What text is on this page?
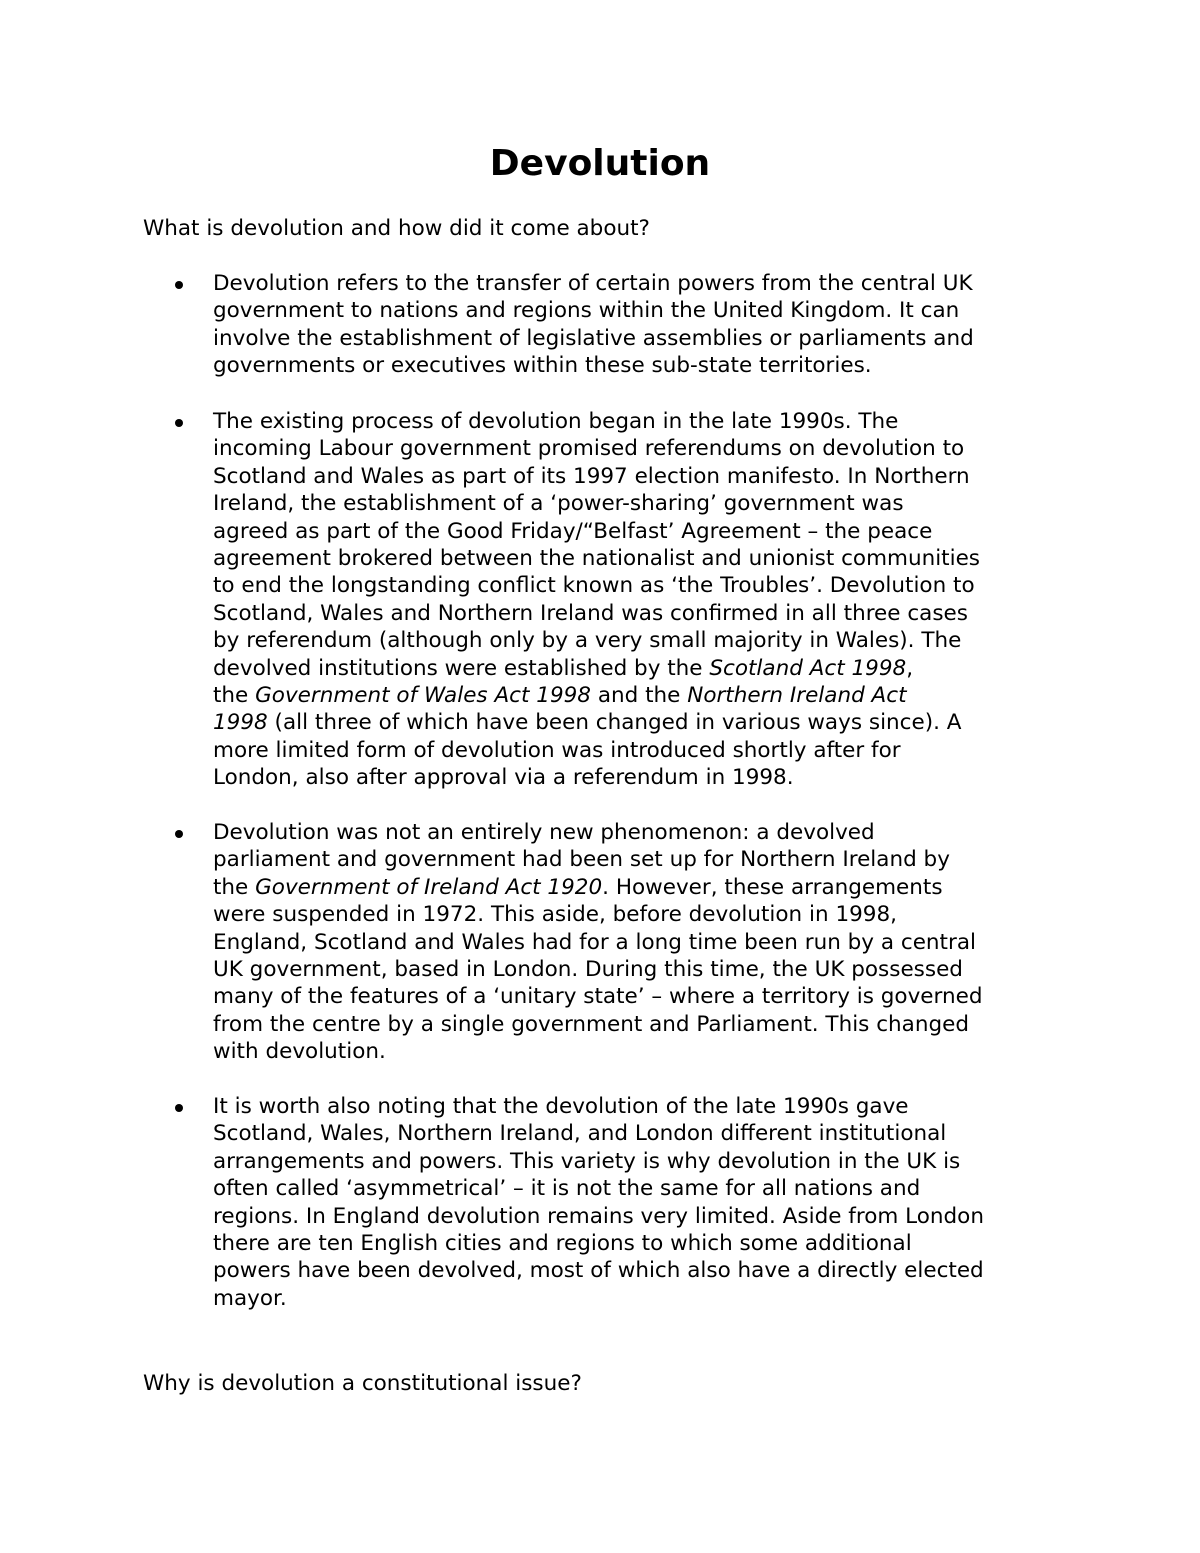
Devolution

What is devolution and how did it come about?

Devolution refers to the transfer of certain powers from the central UK
government to nations and regions within the United Kingdom. It can
involve the establishment of legislative assemblies or parliaments and
governments or executives within these sub-state territories.

The existing process of devolution began in the late 1990s. The
incoming Labour government promised referendums on devolution to
Scotland and Wales as part of its 1997 election manifesto. In Northern
Ireland, the establishment of a ‘power-sharing’ government was
agreed as part of the Good Friday/“Belfast’ Agreement – the peace
agreement brokered between the nationalist and unionist communities
to end the longstanding conflict known as ‘the Troubles’. Devolution to
Scotland, Wales and Northern Ireland was confirmed in all three cases
by referendum (although only by a very small majority in Wales). The
devolved institutions were established by the Scotland Act 1998,
the Government of Wales Act 1998 and the Northern Ireland Act
1998 (all three of which have been changed in various ways since). A
more limited form of devolution was introduced shortly after for
London, also after approval via a referendum in 1998.

Devolution was not an entirely new phenomenon: a devolved
parliament and government had been set up for Northern Ireland by
the Government of Ireland Act 1920. However, these arrangements
were suspended in 1972. This aside, before devolution in 1998,
England, Scotland and Wales had for a long time been run by a central
UK government, based in London. During this time, the UK possessed
many of the features of a ‘unitary state’ – where a territory is governed
from the centre by a single government and Parliament. This changed
with devolution.

It is worth also noting that the devolution of the late 1990s gave
Scotland, Wales, Northern Ireland, and London different institutional
arrangements and powers. This variety is why devolution in the UK is
often called ‘asymmetrical’ – it is not the same for all nations and
regions. In England devolution remains very limited. Aside from London
there are ten English cities and regions to which some additional
powers have been devolved, most of which also have a directly elected
mayor.

Why is devolution a constitutional issue?
